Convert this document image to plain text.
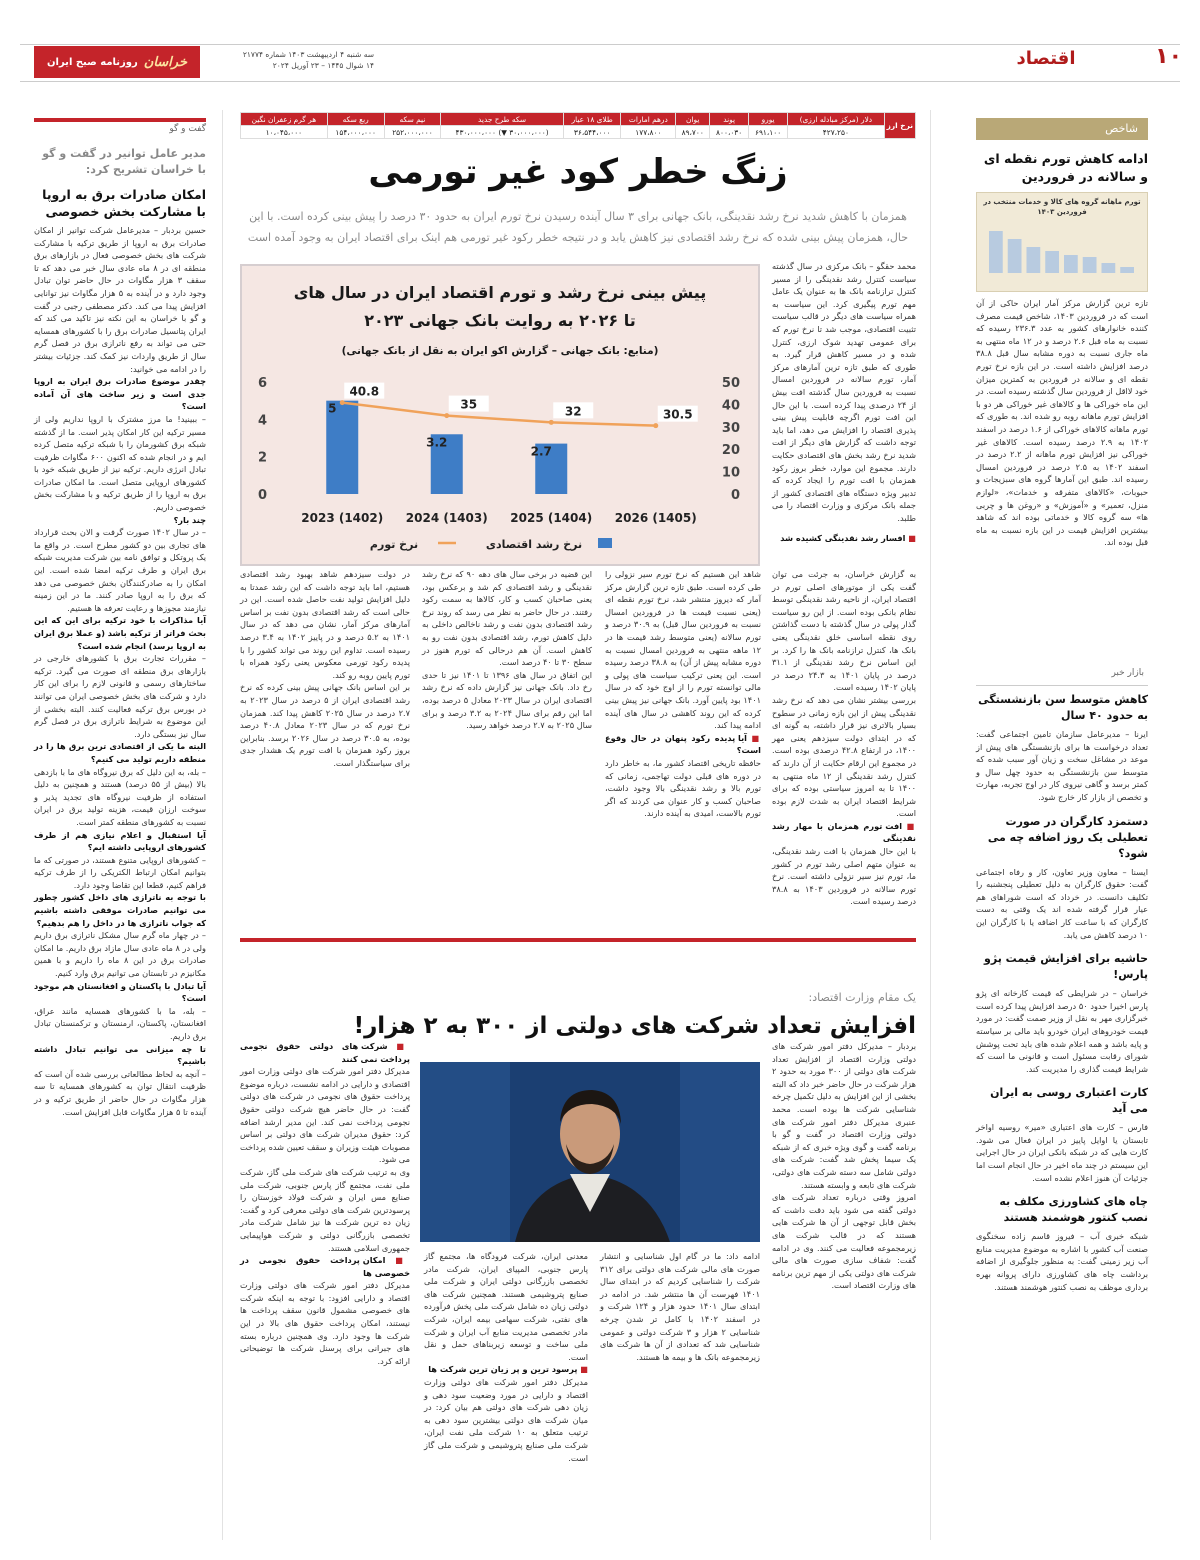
۱۰
اقتصاد
خراسان
روزنامه صبح ایران
سه شنبه ۴ اردیبهشت ۱۴۰۳ شماره ۲۱۷۷۴
۱۴ شوال ۱۴۴۵ – ۲۳ آوریل ۲۰۲۴
شاخص
ادامه کاهش تورم نقطه ای و سالانه در فروردین
تورم ماهانه گروه های کالا و خدمات منتخب در فروردین ۱۴۰۳
تازه ترین گزارش مرکز آمار ایران حاکی از آن است که در فروردین ۱۴۰۳، شاخص قیمت مصرف کننده خانوارهای کشور به عدد ۲۳۶.۳ رسیده که نسبت به ماه قبل ۲.۶ درصد و در ۱۲ ماه منتهی به ماه جاری نسبت به دوره مشابه سال قبل ۳۸.۸ درصد افزایش داشته است. در این بازه نرخ تورم نقطه ای و سالانه در فروردین به کمترین میزان خود لااقل از فروردین سال گذشته رسیده است. در این ماه خوراکی ها و کالاهای غیر خوراکی هر دو با افزایش تورم ماهانه روبه رو شده اند. به طوری که تورم ماهانه کالاهای خوراکی از ۱.۶ درصد در اسفند ۱۴۰۲ به ۲.۹ درصد رسیده است. کالاهای غیر خوراکی نیز افزایش تورم ماهانه از ۲.۲ درصد در اسفند ۱۴۰۲ به ۲.۵ درصد در فروردین امسال رسیده اند. طبق این آمارها گروه های سبزیجات و حبوبات، «کالاهای متفرقه و خدمات»، «لوازم منزل، تعمیر» و «آموزش» و «روغن ها و چربی ها» سه گروه کالا و خدماتی بوده اند که شاهد بیشترین افزایش قیمت در این بازه نسبت به ماه قبل بوده اند.
بازار خبر
کاهش متوسط سن بازنشستگی به حدود ۴۰ سال

ایرنا – مدیرعامل سازمان تامین اجتماعی گفت: تعداد درخواست ها برای بازنشستگی های پیش از موعد در مشاغل سخت و زیان آور سبب شده که متوسط سن بازنشستگی به حدود چهل سال و کمتر برسد و گاهی نیروی کار در اوج تجربه، مهارت و تخصص از بازار کار خارج شود.

دستمزد کارگران در صورت تعطیلی یک روز اضافه چه می شود؟

ایسنا – معاون وزیر تعاون، کار و رفاه اجتماعی گفت: حقوق کارگران به دلیل تعطیلی پنجشنبه را تکلیف دانست. در خرداد که است شوراهای هم عیار قرار گرفته شده اند یک وقتی به دست کارگران که با ساعت کار اضافه یا با کارگران این ۱۰ درصد کاهش می یابد.

حاشیه برای افزایش قیمت پژو پارس!

خراسان – در شرایطی که قیمت کارخانه ای پژو پارس اخیرا حدود ۵۰ درصد افزایش پیدا کرده است خبرگزاری مهر به نقل از وزیر صمت گفت: در مورد قیمت خودروهای ایران خودرو باید مالی بر سیاسته و پایه باشد و همه اعلام شده های باید تحت پوشش شورای رقابت مسئول است و قانونی ما است که شرایط قیمت گذاری را مدیریت کند.

کارت اعتباری روسی به ایران می آید

فارس – کارت های اعتباری «میر» روسیه اواخر تابستان یا اوایل پاییز در ایران فعال می شود. کارت هایی که در شبکه بانکی ایران در حال اجرایی این سیستم در چند ماه اخیر در حال انجام است اما جزئیات آن هنوز اعلام نشده است.

چاه های کشاورزی مکلف به نصب کنتور هوشمند هستند

شبکه خبری آب – فیروز قاسم زاده سخنگوی صنعت آب کشور با اشاره به موضوع مدیریت منابع آب زیر زمینی گفت: به منظور جلوگیری از اضافه برداشت چاه های کشاورزی دارای پروانه بهره برداری موظف به نصب کنتور هوشمند هستند.

گفت و گو
مدیر عامل توانیر در گفت و گو با خراسان تشریح کرد:
امکان صادرات برق به اروپا با مشارکت بخش خصوصی

حسین بردبار – مدیرعامل شرکت توانیر از امکان صادرات برق به اروپا از طریق ترکیه با مشارکت شرکت های بخش خصوصی فعال در بازارهای برق منطقه ای در ۸ ماه عادی سال خبر می دهد که تا سقف ۳ هزار مگاوات در حال حاضر توان تبادل وجود دارد و در آینده به ۵ هزار مگاوات نیز توانایی افزایش پیدا می کند. دکتر مصطفی رجبی در گفت و گو با خراسان به این نکته نیز تاکید می کند که ایران پتانسیل صادرات برق را با کشورهای همسایه حتی می تواند به رفع ناترازی برق در فصل گرم سال از طریق واردات نیز کمک کند. جزئیات بیشتر را در ادامه می خوانید:

چقدر موضوع صادرات برق ایران به اروپا جدی است و زیر ساخت های آن آماده است؟

– ببینید! ما مرز مشترک با اروپا نداریم ولی از مسیر ترکیه این کار امکان پذیر است. ما از گذشته شبکه برق کشورمان را با شبکه ترکیه متصل کرده ایم و در انجام شده که اکنون ۶۰۰ مگاوات ظرفیت تبادل انرژی داریم. ترکیه نیز از طریق شبکه خود با کشورهای اروپایی متصل است. ما امکان صادرات برق به اروپا را از طریق ترکیه و با مشارکت بخش خصوصی داریم.

چند بار؟

– در سال ۱۴۰۲ صورت گرفت و الان بحث قرارداد های تجاری بین دو کشور مطرح است. در واقع ما یک پروتکل و توافق نامه بین شرکت مدیریت شبکه برق ایران و طرف ترکیه امضا شده است. این امکان را به صادرکنندگان بخش خصوصی می دهد که برق را به اروپا صادر کنند. ما در این زمینه نیازمند مجوزها و رعایت تعرفه ها هستیم.

آیا مذاکرات با خود ترکیه برای این که این بحث فراتر از ترکیه باشد (و عملا برق ایران به اروپا برسد) انجام شده است؟

– مقررات تجارت برق با کشورهای خارجی در بازارهای برق منطقه ای صورت می گیرد. ترکیه ساختارهای رسمی و قانونی لازم را برای این کار دارد و شرکت های بخش خصوصی ایران می توانند در بورس برق ترکیه فعالیت کنند. البته بخشی از این موضوع به شرایط ناترازی برق در فصل گرم سال نیز بستگی دارد.

البته ما یکی از اقتصادی ترین برق ها را در منطقه داریم تولید می کنیم؟

– بله، به این دلیل که برق نیروگاه های ما با بازدهی بالا (بیش از ۵۵ درصد) هستند و همچنین به دلیل استفاده از ظرفیت نیروگاه های تجدید پذیر و سوخت ارزان قیمت، هزینه تولید برق در ایران نسبت به کشورهای منطقه کمتر است.

آیا استقبال و اعلام نیازی هم از طرف کشورهای اروپایی داشته ایم؟

– کشورهای اروپایی متنوع هستند، در صورتی که ما بتوانیم امکان ارتباط الکتریکی را از طرف ترکیه فراهم کنیم، قطعا این تقاضا وجود دارد.

با توجه به ناترازی های داخل کشور چطور می توانیم صادرات موفقی داشته باشیم که جواب ناترازی ها در داخل را هم بدهیم؟

– در چهار ماه گرم سال مشکل ناترازی برق داریم ولی در ۸ ماه عادی سال مازاد برق داریم. ما امکان صادرات برق در این ۸ ماه را داریم و با همین مکانیزم در تابستان می توانیم برق وارد کنیم.

آیا تبادل با پاکستان و افغانستان هم موجود است؟

– بله، ما با کشورهای همسایه مانند عراق، افغانستان، پاکستان، ارمنستان و ترکمنستان تبادل برق داریم.

تا چه میزانی می توانیم تبادل داشته باشیم؟

– آنچه به لحاظ مطالعاتی بررسی شده آن است که ظرفیت انتقال توان به کشورهای همسایه تا سه هزار مگاوات در حال حاضر از طریق ترکیه و در آینده تا ۵ هزار مگاوات قابل افزایش است.

نرخ ارز	دلار (مرکز مبادله ارزی)	یورو	پوند	یوان	درهم امارات	طلای ۱۸ عیار	سکه طرح جدید	نیم سکه	ربع سکه	هر گرم زعفران نگین
	۴۲۷،۲۵۰	۶۹۱،۱۰۰	۸۰۰،۰۳۰	۸۹،۷۰۰	۱۷۷،۸۰۰	۳۶،۵۴۴،۰۰۰	(۳۰،۰۰۰،۰۰۰ ▼) ۴۳۰،۰۰۰،۰۰۰	۲۵۲،۰۰۰،۰۰۰	۱۵۴،۰۰۰،۰۰۰	۱۰،۰۴۵،۰۰۰
زنگ خطر کود غیر تورمی
همزمان با کاهش شدید نرخ رشد نقدینگی، بانک جهانی برای ۳ سال آینده رسیدن نرخ تورم ایران به حدود ۳۰ درصد را پیش بینی کرده است. با این حال، همزمان پیش بینی شده که نرخ رشد اقتصادی نیز کاهش یابد و در نتیجه خطر رکود غیر تورمی هم اینک برای اقتصاد ایران به وجود آمده است
پیش بینی نرخ رشد و تورم اقتصاد ایران در سال های
۲۰۲۳ تا ۲۰۲۶ به روایت بانک جهانی
(منابع: بانک جهانی – گزارش اکو ایران به نقل از بانک جهانی)
0
2
4
6
0
10
20
30
40
50
5
3.2
2.7
40.8
35	32	30.5
2023 (1402) 2024 (1403) 2025 (1404) 2026 (1405)
نرخ رشد اقتصادی
نرخ تورم

محمد حقگو – بانک مرکزی در سال گذشته سیاست کنترل رشد نقدینگی را از مسیر کنترل ترازنامه بانک ها به عنوان یک عامل مهم تورم پیگیری کرد. این سیاست به همراه سیاست های دیگر در قالب سیاست تثبیت اقتصادی، موجب شد تا نرخ تورم که برای عمومی تهدید شوک ارزی، کنترل شده و در مسیر کاهش قرار گیرد. به طوری که طبق تازه ترین آمارهای مرکز آمار، تورم سالانه در فروردین امسال نسبت به فروردین سال گذشته افت بیش از ۲۴ درصدی پیدا کرده است. با این حال این افت تورم اگرچه قابلیت پیش بینی پذیری اقتصاد را افزایش می دهد، اما باید توجه داشت که گزارش های دیگر از افت شدید نرخ رشد بخش های اقتصادی حکایت دارند. مجموع این موارد، خطر بروز رکود همزمان با افت تورم را ایجاد کرده که تدبیر ویژه دستگاه های اقتصادی کشور از جمله بانک مرکزی و وزارت اقتصاد را می طلبد.

■ افسار رشد نقدینگی کشیده شد

به گزارش خراسان، به جرئت می توان گفت یکی از موتورهای اصلی تورم در اقتصاد ایران، از ناحیه رشد نقدینگی توسط نظام بانکی بوده است. از این رو سیاست گذار پولی در سال گذشته با دست گذاشتن روی نقطه اساسی خلق نقدینگی یعنی بانک ها، کنترل ترازنامه بانک ها را کرد. بر این اساس نرخ رشد نقدینگی از ۳۱.۱ درصد در پایان ۱۴۰۱ به ۲۴.۳ درصد در پایان ۱۴۰۲ رسیده است.

بررسی بیشتر نشان می دهد که نرخ رشد نقدینگی پیش از این بازه زمانی در سطوح بسیار بالاتری نیز قرار داشته، به گونه ای که در ابتدای دولت سیزدهم یعنی مهر ۱۴۰۰، در ارتفاع ۴۲.۸ درصدی بوده است. در مجموع این ارقام حکایت از آن دارند که کنترل رشد نقدینگی از ۱۲ ماه منتهی به ۱۴۰۰ تا به امروز سیاستی بوده که برای شرایط اقتصاد ایران به شدت لازم بوده است.

■ افت تورم همزمان با مهار رشد نقدینگی

با این حال همزمان با افت رشد نقدینگی، به عنوان متهم اصلی رشد تورم در کشور ما، تورم نیز سیر نزولی داشته است. نرخ تورم سالانه در فروردین ۱۴۰۳ به ۳۸.۸ درصد رسیده است.

شاهد این هستیم که نرخ تورم سیر نزولی را طی کرده است. طبق تازه ترین گزارش مرکز آمار که دیروز منتشر شد، نرخ تورم نقطه ای (یعنی نسبت قیمت ها در فروردین امسال نسبت به فروردین سال قبل) به ۳۰.۹ درصد و تورم سالانه (یعنی متوسط رشد قیمت ها در ۱۲ ماهه منتهی به فروردین امسال نسبت به دوره مشابه پیش از آن) به ۳۸.۸ درصد رسیده است. این یعنی ترکیب سیاست های پولی و مالی توانسته تورم را از اوج خود که در سال ۱۴۰۱ بود پایین آورد. بانک جهانی نیز پیش بینی کرده که این روند کاهشی در سال های آینده ادامه پیدا کند.

■ آیا پدیده رکود پنهان در حال وقوع است؟

حافظه تاریخی اقتصاد کشور ما، به خاطر دارد در دوره های قبلی دولت تهاجمی، زمانی که تورم بالا و رشد نقدینگی بالا وجود داشت، صاحبان کسب و کار عنوان می کردند که اگر تورم بالاست، امیدی به آینده دارند.

این قضیه در برخی سال های دهه ۹۰ که نرخ رشد نقدینگی و رشد اقتصادی کم شد و برعکس بود، یعنی صاحبان کسب و کار، کالاها به سمت رکود رفتند. در حال حاضر به نظر می رسد که روند نرخ رشد اقتصادی بدون نفت و رشد ناخالص داخلی به دلیل کاهش تورم، رشد اقتصادی بدون نفت رو به کاهش است. آن هم درحالی که تورم هنوز در سطح ۳۰ تا ۴۰ درصد است.

این اتفاق در سال های ۱۳۹۶ تا ۱۴۰۱ نیز تا حدی رخ داد. بانک جهانی نیز گزارش داده که نرخ رشد اقتصادی ایران در سال ۲۰۲۳ معادل ۵ درصد بوده، اما این رقم برای سال ۲۰۲۴ به ۳.۲ درصد و برای سال ۲۰۲۵ به ۲.۷ درصد خواهد رسید.

در دولت سیزدهم شاهد بهبود رشد اقتصادی هستیم، اما باید توجه داشت که این رشد عمدتا به دلیل افزایش تولید نفت حاصل شده است. این در حالی است که رشد اقتصادی بدون نفت بر اساس آمارهای مرکز آمار، نشان می دهد که در سال ۱۴۰۱ به ۵.۲ درصد و در پاییز ۱۴۰۲ به ۳.۴ درصد رسیده است. تداوم این روند می تواند کشور را با پدیده رکود تورمی معکوس یعنی رکود همراه با تورم پایین روبه رو کند.

بر این اساس بانک جهانی پیش بینی کرده که نرخ رشد اقتصادی ایران از ۵ درصد در سال ۲۰۲۳ به ۲.۷ درصد در سال ۲۰۲۵ کاهش پیدا کند. همزمان نرخ تورم که در سال ۲۰۲۳ معادل ۴۰.۸ درصد بوده، به ۳۰.۵ درصد در سال ۲۰۲۶ برسد. بنابراین بروز رکود همزمان با افت تورم یک هشدار جدی برای سیاستگذار است.

یک مقام وزارت اقتصاد:
افزایش تعداد شرکت های دولتی از ۳۰۰ به ۲ هزار!

بردبار – مدیرکل دفتر امور شرکت های دولتی وزارت اقتصاد از افزایش تعداد شرکت های دولتی از ۳۰۰ مورد به حدود ۲ هزار شرکت در حال حاضر خبر داد که البته بخشی از این افزایش به دلیل تکمیل چرخه شناسایی شرکت ها بوده است. محمد عنبری مدیرکل دفتر امور شرکت های دولتی وزارت اقتصاد در گفت و گو با برنامه گفت و گوی ویژه خبری که از شبکه یک سیما پخش شد گفت: شرکت های دولتی شامل سه دسته شرکت های دولتی، شرکت های تابعه و وابسته هستند.

امروز وقتی درباره تعداد شرکت های دولتی گفته می شود باید دقت داشت که بخش قابل توجهی از آن ها شرکت هایی هستند که در قالب شرکت های زیرمجموعه فعالیت می کنند. وی در ادامه گفت: شفاف سازی صورت های مالی شرکت های دولتی یکی از مهم ترین برنامه های وزارت اقتصاد است.

ادامه داد: ما در گام اول شناسایی و انتشار صورت های مالی شرکت های دولتی برای ۳۱۲ شرکت را شناسایی کردیم که در ابتدای سال ۱۴۰۱ فهرست آن ها منتشر شد. در ادامه در ابتدای سال ۱۴۰۱ حدود هزار و ۱۲۴ شرکت و در اسفند ۱۴۰۲ با کامل تر شدن چرخه شناسایی ۲ هزار و ۳ شرکت دولتی و عمومی شناسایی شد که تعدادی از آن ها شرکت های زیرمجموعه بانک ها و بیمه ها هستند.

معدنی ایران، شرکت فرودگاه ها، مجتمع گاز پارس جنوبی، المپیای ایران، شرکت مادر تخصصی بازرگانی دولتی ایران و شرکت ملی صنایع پتروشیمی هستند. همچنین شرکت های دولتی زیان ده شامل شرکت ملی پخش فرآورده های نفتی، شرکت سهامی بیمه ایران، شرکت مادر تخصصی مدیریت منابع آب ایران و شرکت ملی ساخت و توسعه زیربناهای حمل و نقل است.

■ پرسود ترین و پر زیان ترین شرکت ها

مدیرکل دفتر امور شرکت های دولتی وزارت اقتصاد و دارایی در مورد وضعیت سود دهی و زیان دهی شرکت های دولتی هم بیان کرد: در میان شرکت های دولتی بیشترین سود دهی به ترتیب متعلق به ۱۰ شرکت ملی نفت ایران، شرکت ملی صنایع پتروشیمی و شرکت ملی گاز است.

■ شرکت های دولتی حقوق نجومی پرداخت نمی کنند

مدیرکل دفتر امور شرکت های دولتی وزارت امور اقتصادی و دارایی در ادامه نشست، درباره موضوع پرداخت حقوق های نجومی در شرکت های دولتی گفت: در حال حاضر هیچ شرکت دولتی حقوق نجومی پرداخت نمی کند. این مدیر ارشد اضافه کرد: حقوق مدیران شرکت های دولتی بر اساس مصوبات هیئت وزیران و سقف تعیین شده پرداخت می شود.

وی به ترتیب شرکت های شرکت ملی گاز، شرکت ملی نفت، مجتمع گاز پارس جنوبی، شرکت ملی صنایع مس ایران و شرکت فولاد خوزستان را پرسودترین شرکت های دولتی معرفی کرد و گفت: زیان ده ترین شرکت ها نیز شامل شرکت مادر تخصصی بازرگانی دولتی و شرکت هواپیمایی جمهوری اسلامی هستند.

■ امکان پرداخت حقوق نجومی در خصوصی ها

مدیرکل دفتر امور شرکت های دولتی وزارت اقتصاد و دارایی افزود: با توجه به اینکه شرکت های خصوصی مشمول قانون سقف پرداخت ها نیستند، امکان پرداخت حقوق های بالا در این شرکت ها وجود دارد. وی همچنین درباره بسته های جبرانی برای پرسنل شرکت ها توضیحاتی ارائه کرد.
